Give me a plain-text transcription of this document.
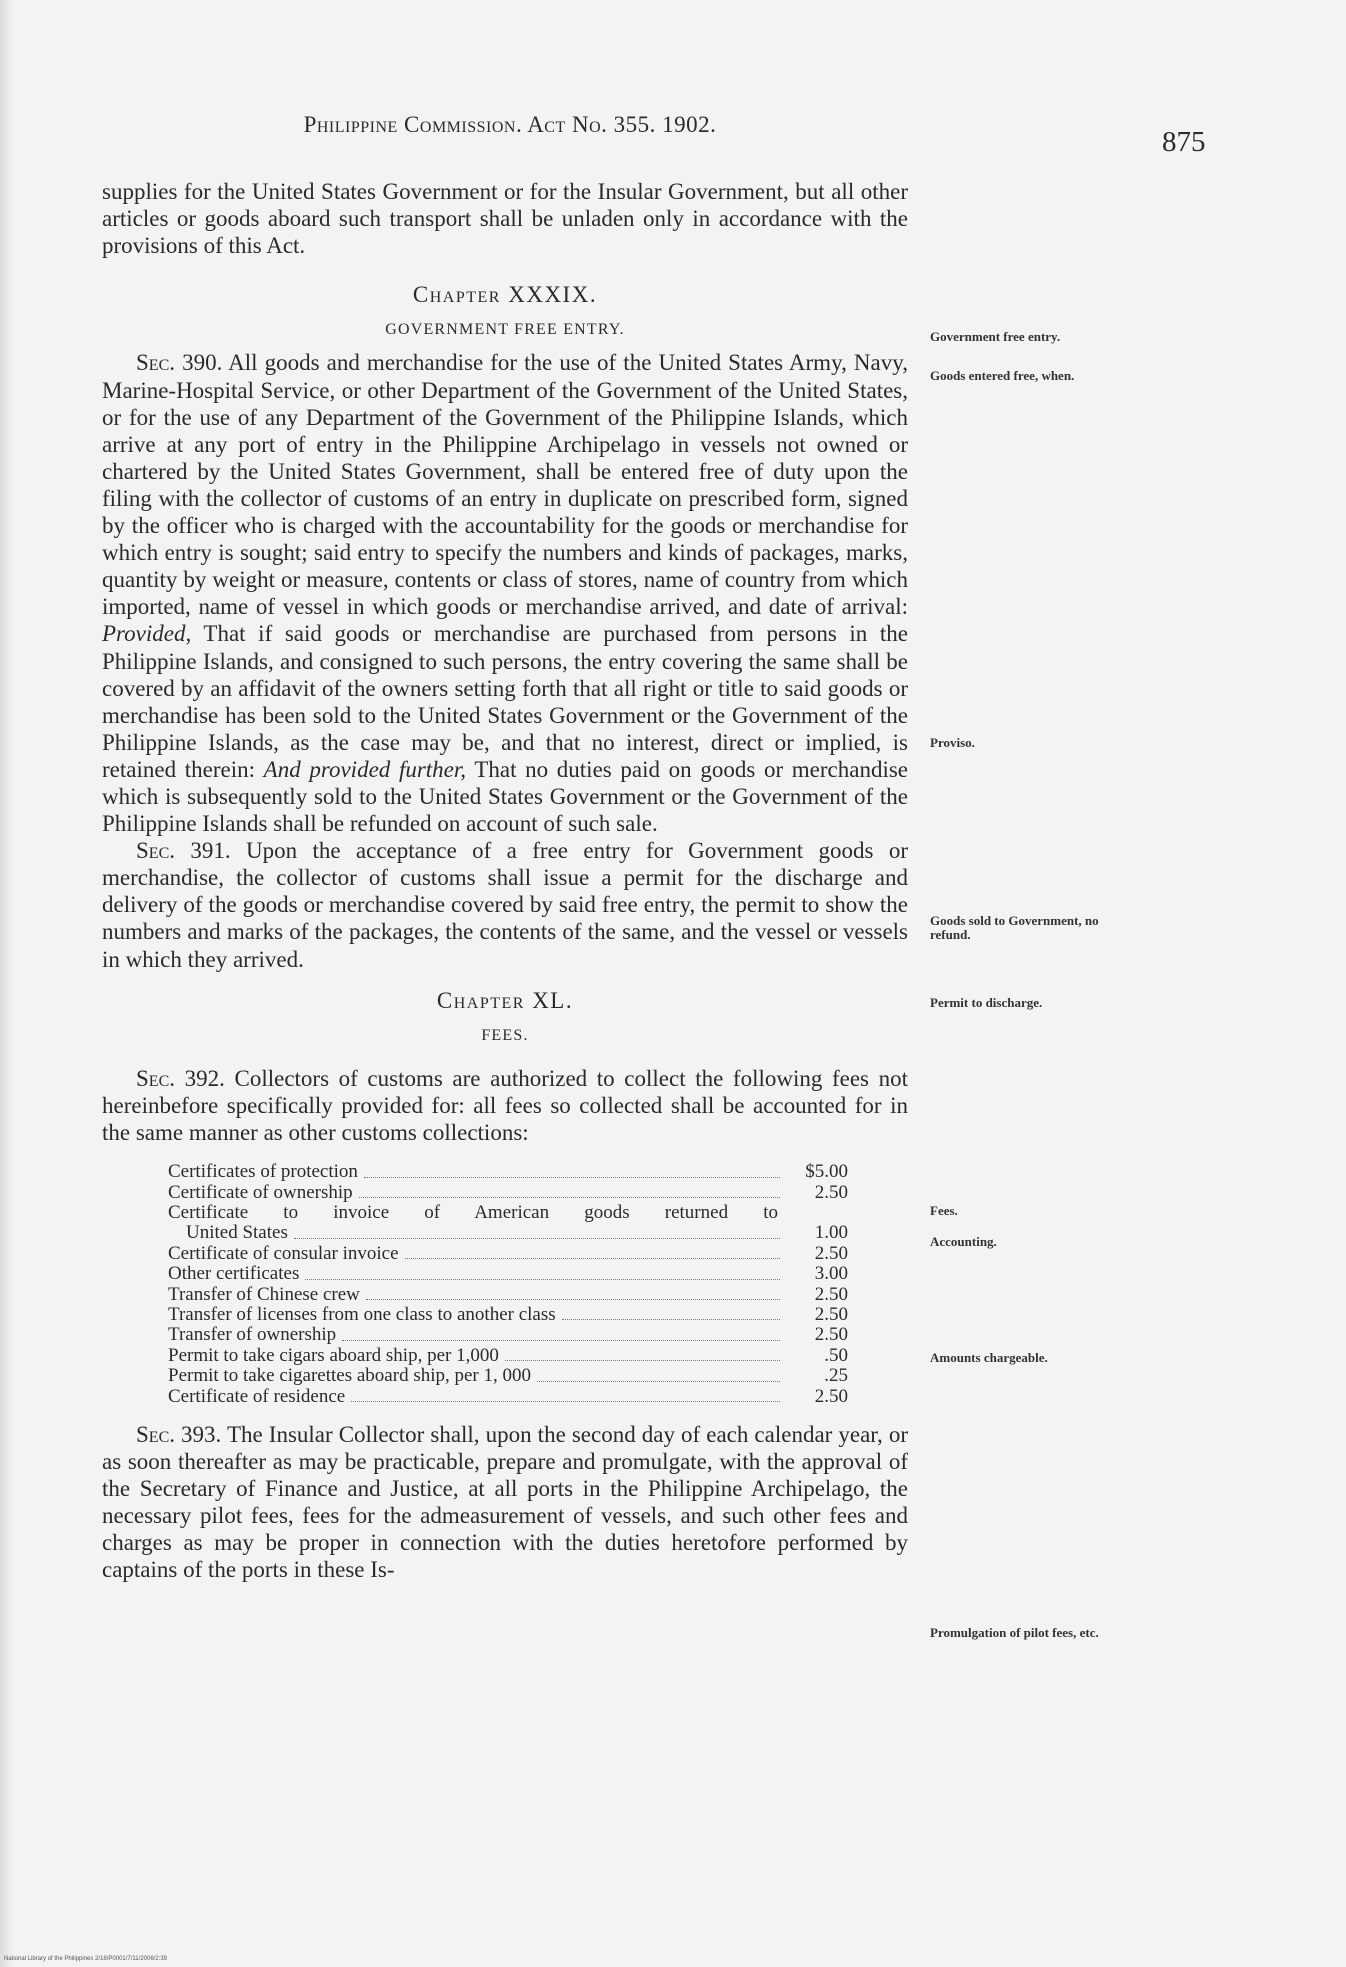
Philippine Commission. Act No. 355. 1902.
875

supplies for the United States Government or for the Insular Government, but all other articles or goods aboard such transport shall be unladen only in accordance with the provisions of this Act.

Chapter XXXIX.
GOVERNMENT FREE ENTRY.

Sec. 390. All goods and merchandise for the use of the United States Army, Navy, Marine-Hospital Service, or other Department of the Government of the United States, or for the use of any Department of the Government of the Philippine Islands, which arrive at any port of entry in the Philippine Archipelago in vessels not owned or chartered by the United States Government, shall be entered free of duty upon the filing with the collector of customs of an entry in duplicate on prescribed form, signed by the officer who is charged with the accountability for the goods or merchandise for which entry is sought; said entry to specify the numbers and kinds of packages, marks, quantity by weight or measure, contents or class of stores, name of country from which imported, name of vessel in which goods or merchandise arrived, and date of arrival: Provided, That if said goods or merchandise are purchased from persons in the Philippine Islands, and consigned to such persons, the entry covering the same shall be covered by an affidavit of the owners setting forth that all right or title to said goods or merchandise has been sold to the United States Government or the Government of the Philippine Islands, as the case may be, and that no interest, direct or implied, is retained therein: And provided further, That no duties paid on goods or merchandise which is subsequently sold to the United States Government or the Government of the Philippine Islands shall be refunded on account of such sale.

Sec. 391. Upon the acceptance of a free entry for Government goods or merchandise, the collector of customs shall issue a permit for the discharge and delivery of the goods or merchandise covered by said free entry, the permit to show the numbers and marks of the packages, the contents of the same, and the vessel or vessels in which they arrived.

Chapter XL.
FEES.

Sec. 392. Collectors of customs are authorized to collect the following fees not hereinbefore specifically provided for: all fees so collected shall be accounted for in the same manner as other customs collections:

Certificates of protection	$5.00
Certificate of ownership	2.50
Certificate to invoice of American goods returned to
United States	1.00
Certificate of consular invoice	2.50
Other certificates	3.00
Transfer of Chinese crew	2.50
Transfer of licenses from one class to another class	2.50
Transfer of ownership	2.50
Permit to take cigars aboard ship, per 1,000	.50
Permit to take cigarettes aboard ship, per 1, 000	.25
Certificate of residence	2.50

Sec. 393. The Insular Collector shall, upon the second day of each calendar year, or as soon thereafter as may be practicable, prepare and promulgate, with the approval of the Secretary of Finance and Justice, at all ports in the Philippine Archipelago, the necessary pilot fees, fees for the admeasurement of vessels, and such other fees and charges as may be proper in connection with the duties heretofore performed by captains of the ports in these Is-

Government free entry.
Goods entered free, when.
Proviso.
Goods sold to Government, no refund.
Permit to discharge.
Fees.
Accounting.
Amounts chargeable.
Promulgation of pilot fees, etc.
National Library of the Philippines 2/18/P0001/7/11/2006/2:39
